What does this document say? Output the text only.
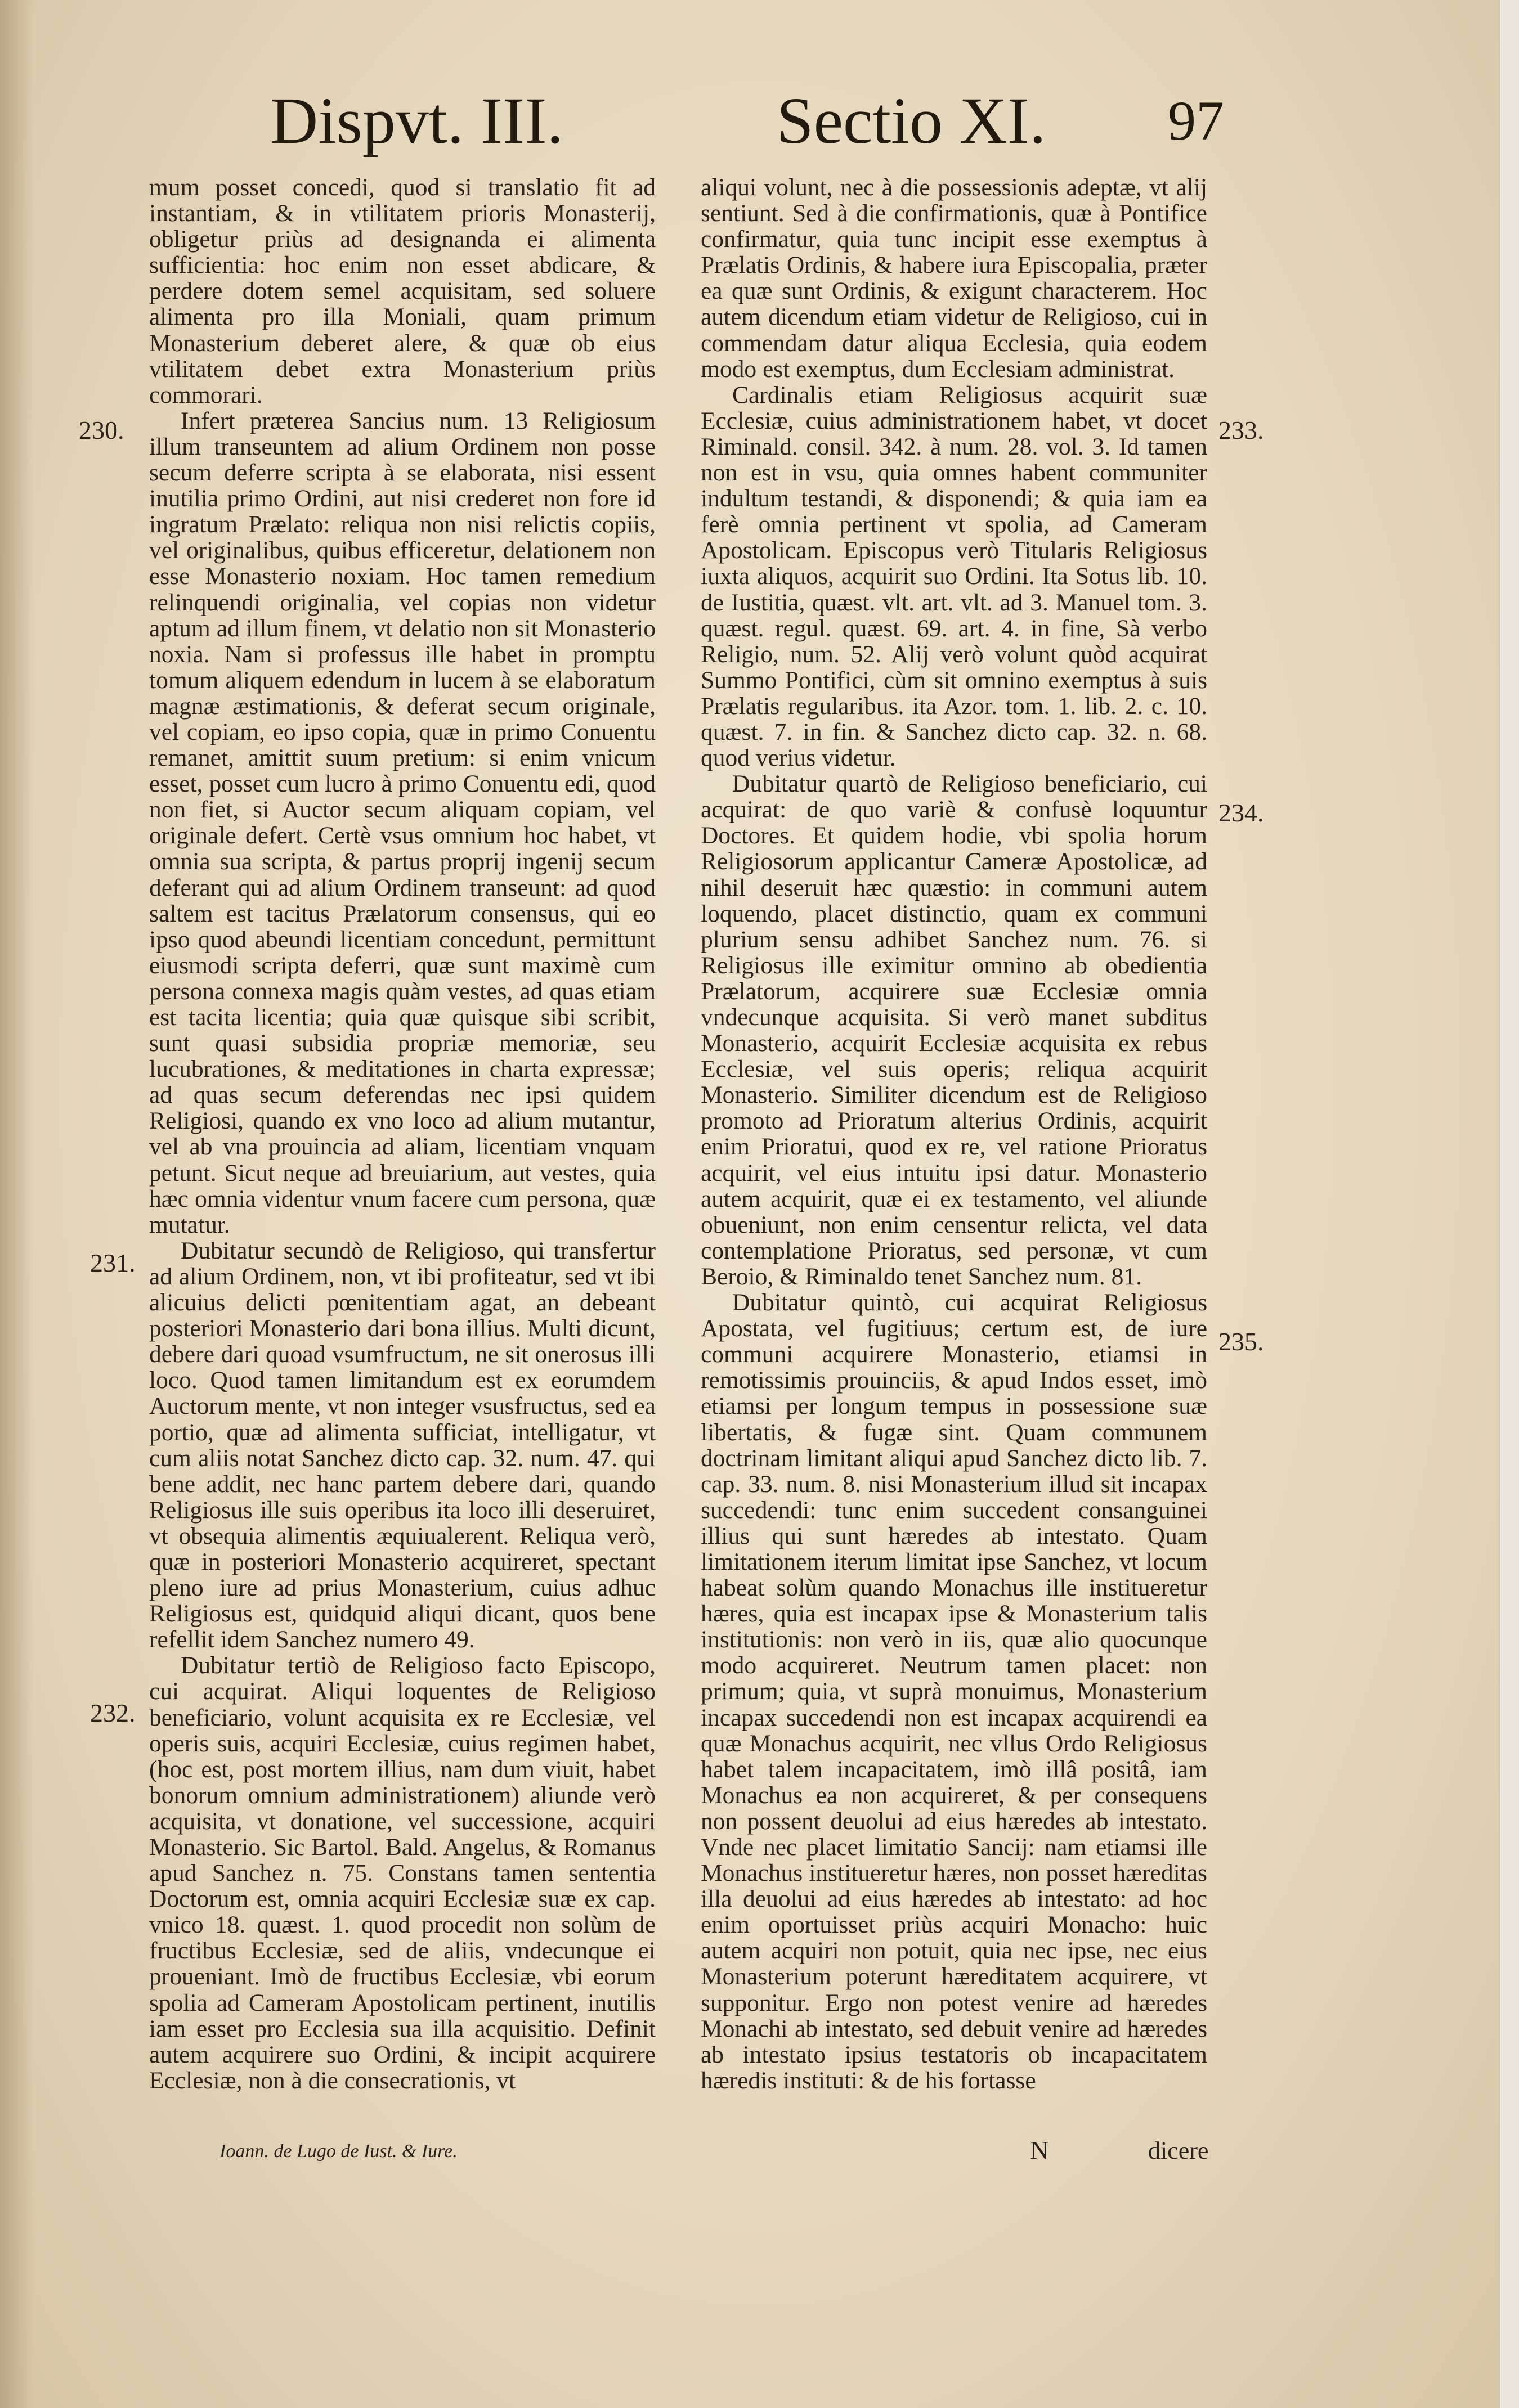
Dispvt. III.	Sectio XI. 97
230.
231.
232.
233.
234.
235.

mum posset concedi, quod si translatio fit ad instantiam, & in vtilitatem prioris Monasterij, obligetur priùs ad designanda ei alimenta sufficientia: hoc enim non esset abdicare, & perdere dotem semel acquisitam, sed soluere alimenta pro illa Moniali, quam primum Monasterium deberet alere, & quæ ob eius vtilitatem debet extra Monasterium priùs commorari.

Infert præterea Sancius num. 13 Religiosum illum transeuntem ad alium Ordinem non posse secum deferre scripta à se elaborata, nisi essent inutilia primo Ordini, aut nisi crederet non fore id ingratum Prælato: reliqua non nisi relictis copiis, vel originalibus, quibus efficeretur, delationem non esse Monasterio noxiam. Hoc tamen remedium relinquendi originalia, vel copias non videtur aptum ad illum finem, vt delatio non sit Monasterio noxia. Nam si professus ille habet in promptu tomum aliquem edendum in lucem à se elaboratum magnæ æstimationis, & deferat secum originale, vel copiam, eo ipso copia, quæ in primo Conuentu remanet, amittit suum pretium: si enim vnicum esset, posset cum lucro à primo Conuentu edi, quod non fiet, si Auctor secum aliquam copiam, vel originale defert. Certè vsus omnium hoc habet, vt omnia sua scripta, & partus proprij ingenij secum deferant qui ad alium Ordinem transeunt: ad quod saltem est tacitus Prælatorum consensus, qui eo ipso quod abeundi licentiam concedunt, permittunt eiusmodi scripta deferri, quæ sunt maximè cum persona connexa magis quàm vestes, ad quas etiam est tacita licentia; quia quæ quisque sibi scribit, sunt quasi subsidia propriæ memoriæ, seu lucubrationes, & meditationes in charta expressæ; ad quas secum deferendas nec ipsi quidem Religiosi, quando ex vno loco ad alium mutantur, vel ab vna prouincia ad aliam, licentiam vnquam petunt. Sicut neque ad breuiarium, aut vestes, quia hæc omnia videntur vnum facere cum persona, quæ mutatur.

Dubitatur secundò de Religioso, qui transfertur ad alium Ordinem, non, vt ibi profiteatur, sed vt ibi alicuius delicti pœnitentiam agat, an debeant posteriori Monasterio dari bona illius. Multi dicunt, debere dari quoad vsumfructum, ne sit onerosus illi loco. Quod tamen limitandum est ex eorumdem Auctorum mente, vt non integer vsusfructus, sed ea portio, quæ ad alimenta sufficiat, intelligatur, vt cum aliis notat Sanchez dicto cap. 32. num. 47. qui bene addit, nec hanc partem debere dari, quando Religiosus ille suis operibus ita loco illi deseruiret, vt obsequia alimentis æquiualerent. Reliqua verò, quæ in posteriori Monasterio acquireret, spectant pleno iure ad prius Monasterium, cuius adhuc Religiosus est, quidquid aliqui dicant, quos bene refellit idem Sanchez numero 49.

Dubitatur tertiò de Religioso facto Episcopo, cui acquirat. Aliqui loquentes de Religioso beneficiario, volunt acquisita ex re Ecclesiæ, vel operis suis, acquiri Ecclesiæ, cuius regimen habet, (hoc est, post mortem illius, nam dum viuit, habet bonorum omnium administrationem) aliunde verò acquisita, vt donatione, vel successione, acquiri Monasterio. Sic Bartol. Bald. Angelus, & Romanus apud Sanchez n. 75. Constans tamen sententia Doctorum est, omnia acquiri Ecclesiæ suæ ex cap. vnico 18. quæst. 1. quod procedit non solùm de fructibus Ecclesiæ, sed de aliis, vndecunque ei proueniant. Imò de fructibus Ecclesiæ, vbi eorum spolia ad Cameram Apostolicam pertinent, inutilis iam esset pro Ecclesia sua illa acquisitio. Definit autem acquirere suo Ordini, & incipit acquirere Ecclesiæ, non à die consecrationis, vt

aliqui volunt, nec à die possessionis adeptæ, vt alij sentiunt. Sed à die confirmationis, quæ à Pontifice confirmatur, quia tunc incipit esse exemptus à Prælatis Ordinis, & habere iura Episcopalia, præter ea quæ sunt Ordinis, & exigunt characterem. Hoc autem dicendum etiam videtur de Religioso, cui in commendam datur aliqua Ecclesia, quia eodem modo est exemptus, dum Ecclesiam administrat.

Cardinalis etiam Religiosus acquirit suæ Ecclesiæ, cuius administrationem habet, vt docet Riminald. consil. 342. à num. 28. vol. 3. Id tamen non est in vsu, quia omnes habent communiter indultum testandi, & disponendi; & quia iam ea ferè omnia pertinent vt spolia, ad Cameram Apostolicam. Episcopus verò Titularis Religiosus iuxta aliquos, acquirit suo Ordini. Ita Sotus lib. 10. de Iustitia, quæst. vlt. art. vlt. ad 3. Manuel tom. 3. quæst. regul. quæst. 69. art. 4. in fine, Sà verbo Religio, num. 52. Alij verò volunt quòd acquirat Summo Pontifici, cùm sit omnino exemptus à suis Prælatis regularibus. ita Azor. tom. 1. lib. 2. c. 10. quæst. 7. in fin. & Sanchez dicto cap. 32. n. 68. quod verius videtur.

Dubitatur quartò de Religioso beneficiario, cui acquirat: de quo variè & confusè loquuntur Doctores. Et quidem hodie, vbi spolia horum Religiosorum applicantur Cameræ Apostolicæ, ad nihil deseruit hæc quæstio: in communi autem loquendo, placet distinctio, quam ex communi plurium sensu adhibet Sanchez num. 76. si Religiosus ille eximitur omnino ab obedientia Prælatorum, acquirere suæ Ecclesiæ omnia vndecunque acquisita. Si verò manet subditus Monasterio, acquirit Ecclesiæ acquisita ex rebus Ecclesiæ, vel suis operis; reliqua acquirit Monasterio. Similiter dicendum est de Religioso promoto ad Prioratum alterius Ordinis, acquirit enim Prioratui, quod ex re, vel ratione Prioratus acquirit, vel eius intuitu ipsi datur. Monasterio autem acquirit, quæ ei ex testamento, vel aliunde obueniunt, non enim censentur relicta, vel data contemplatione Prioratus, sed personæ, vt cum Beroio, & Riminaldo tenet Sanchez num. 81.

Dubitatur quintò, cui acquirat Religiosus Apostata, vel fugitiuus; certum est, de iure communi acquirere Monasterio, etiamsi in remotissimis prouinciis, & apud Indos esset, imò etiamsi per longum tempus in possessione suæ libertatis, & fugæ sint. Quam communem doctrinam limitant aliqui apud Sanchez dicto lib. 7. cap. 33. num. 8. nisi Monasterium illud sit incapax succedendi: tunc enim succedent consanguinei illius qui sunt hæredes ab intestato. Quam limitationem iterum limitat ipse Sanchez, vt locum habeat solùm quando Monachus ille institueretur hæres, quia est incapax ipse & Monasterium talis institutionis: non verò in iis, quæ alio quocunque modo acquireret. Neutrum tamen placet: non primum; quia, vt suprà monuimus, Monasterium incapax succedendi non est incapax acquirendi ea quæ Monachus acquirit, nec vllus Ordo Religiosus habet talem incapacitatem, imò illâ positâ, iam Monachus ea non acquireret, & per consequens non possent deuolui ad eius hæredes ab intestato. Vnde nec placet limitatio Sancij: nam etiamsi ille Monachus institueretur hæres, non posset hæreditas illa deuolui ad eius hæredes ab intestato: ad hoc enim oportuisset priùs acquiri Monacho: huic autem acquiri non potuit, quia nec ipse, nec eius Monasterium poterunt hæreditatem acquirere, vt supponitur. Ergo non potest venire ad hæredes Monachi ab intestato, sed debuit venire ad hæredes ab intestato ipsius testatoris ob incapacitatem hæredis instituti: & de his fortasse

Ioann. de Lugo de Iust. & Iure.	N	dicere
